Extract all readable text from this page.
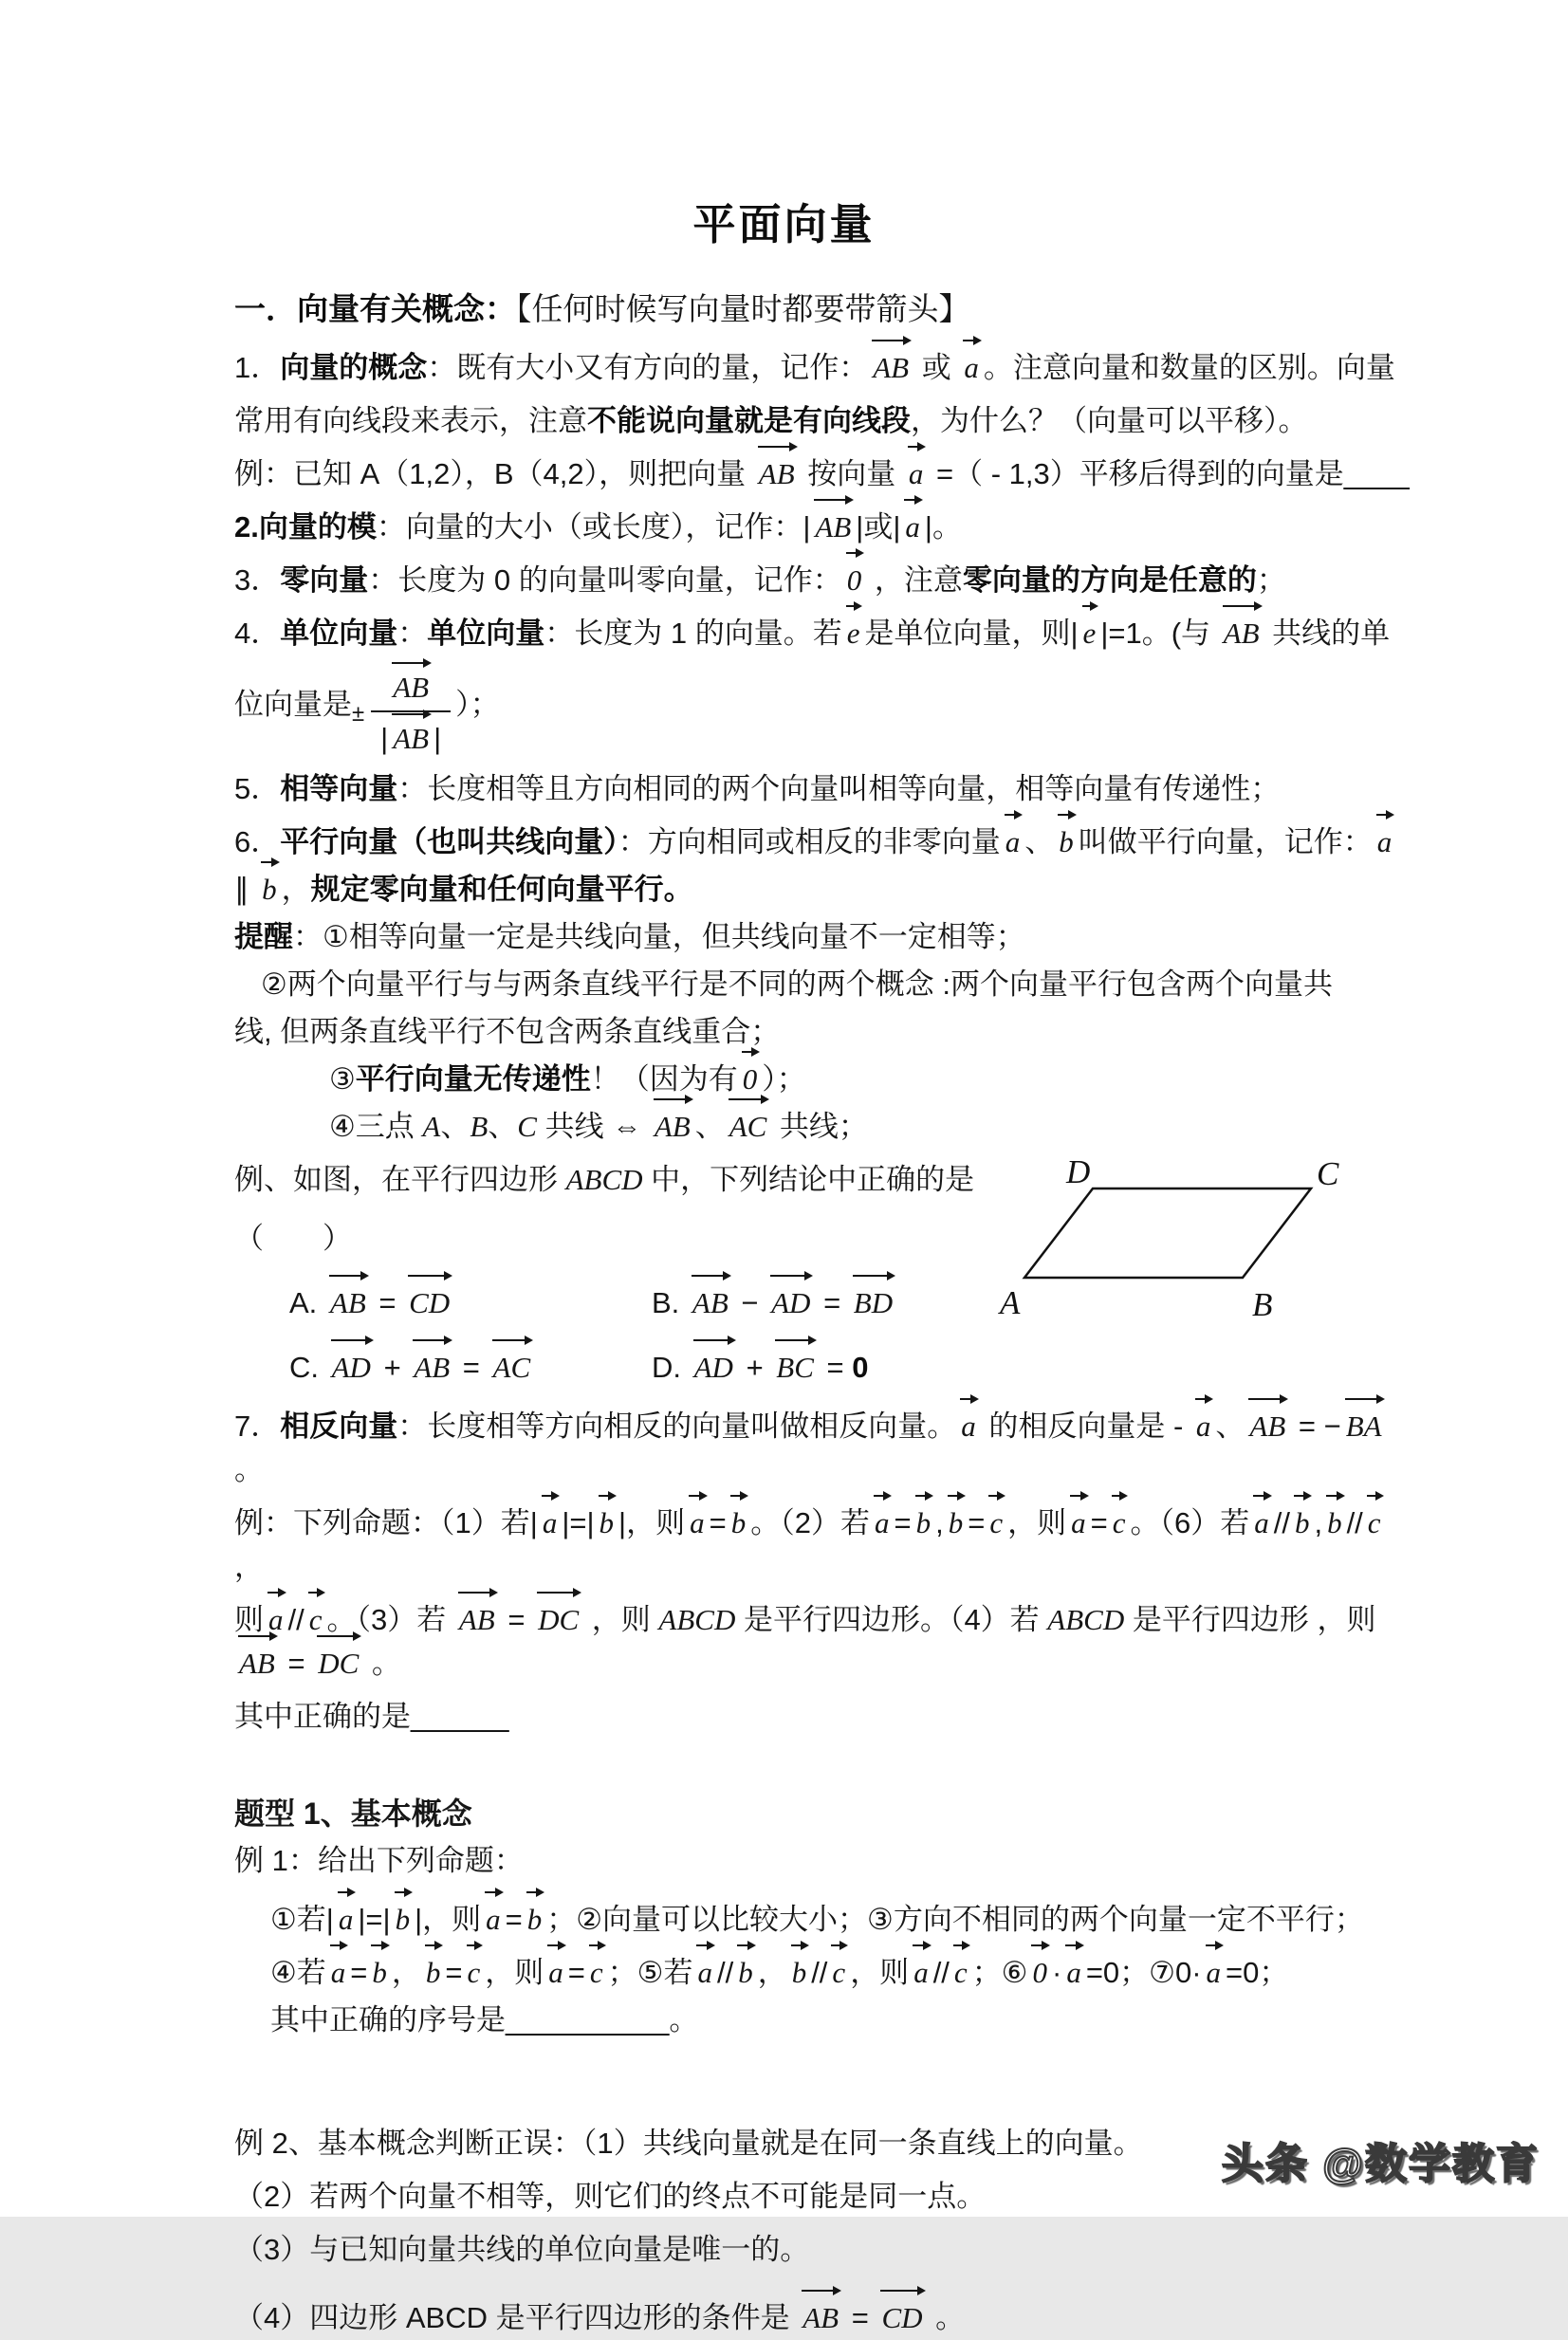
平面向量
一．向量有关概念：【任何时候写向量时都要带箭头】
1．向量的概念：既有大小又有方向的量，记作： AB 或 a 。注意向量和数量的区别。向量
常用有向线段来表示，注意不能说向量就是有向线段，为什么？（向量可以平移）。
例：已知 A（1,2），B（4,2），则把向量 AB 按向量 a =（ - 1,3）平移后得到的向量是____
2.向量的模：向量的大小（或长度），记作：| AB |或| a |。
3．零向量：长度为 0 的向量叫零向量，记作： 0 ，注意零向量的方向是任意的；
4．单位向量：单位向量：长度为 1 的向量。若 e 是单位向量，则| e |=1。(与 AB 共线的单
位向量是$_\pm \frac{AB}{| AB |}$ ）；
5．相等向量：长度相等且方向相同的两个向量叫相等向量，相等向量有传递性；
6．平行向量（也叫共线向量）：方向相同或相反的非零向量 a 、 b 叫做平行向量，记作： a
∥ b ，规定零向量和任何向量平行。
提醒：①相等向量一定是共线向量，但共线向量不一定相等；
②两个向量平行与与两条直线平行是不同的两个概念 :两个向量平行包含两个向量共
线, 但两条直线平行不包含两条直线重合；
③平行向量无传递性！（因为有 0 ）；
④三点 A、B、C 共线 ⇔ AB 、 AC 共线；
例、如图，在平行四边形 ABCD 中，下列结论中正确的是
（　　）
A. AB = CD	B. AB − AD = BD
C. AD + AB = AC	D. AD + BC = 0
7．相反向量：长度相等方向相反的向量叫做相反向量。 a 的相反向量是 - a 、 AB = − BA。
例：下列命题：（1）若| a |=| b |，则 a = b 。（2）若 a = b , b = c ，则 a = c 。（6）若 a // b , b // c，
则 a // c 。（3）若 AB = DC ，则 ABCD 是平行四边形。（4）若 ABCD 是平行四边形 ，则 AB = DC 。
其中正确的是______
题型 1、基本概念
例 1：给出下列命题：
①若| a |=| b |，则 a = b ；②向量可以比较大小；③方向不相同的两个向量一定不平行；
④若 a = b ， b = c ，则 a = c ；⑤若 a // b ， b // c ，则 a // c ；⑥ 0 · a =0；⑦0· a =0；
其中正确的序号是__________。
例 2、基本概念判断正误：（1）共线向量就是在同一条直线上的向量。
（2）若两个向量不相等，则它们的终点不可能是同一点。
（3）与已知向量共线的单位向量是唯一的。
（4）四边形 ABCD 是平行四边形的条件是 AB = CD 。
D	C
A	B
头条 @数学教育
